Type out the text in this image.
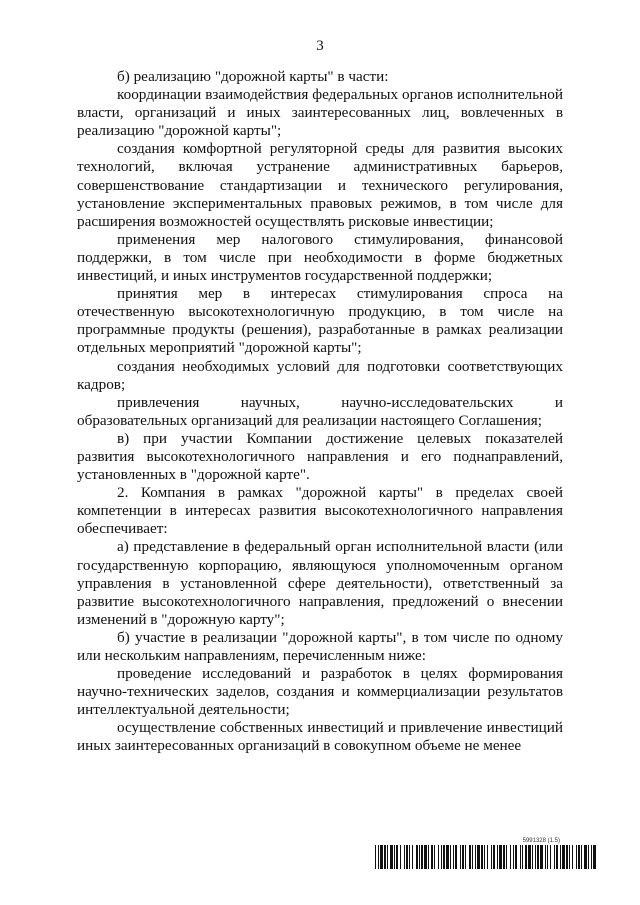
3

б) реализацию "дорожной карты" в части:

координации взаимодействия федеральных органов исполнительной власти, организаций и иных заинтересованных лиц, вовлеченных в реализацию "дорожной карты";

создания комфортной регуляторной среды для развития высоких технологий, включая устранение административных барьеров, совершенствование стандартизации и технического регулирования, установление экспериментальных правовых режимов, в том числе для расширения возможностей осуществлять рисковые инвестиции;

применения мер налогового стимулирования, финансовой поддержки, в том числе при необходимости в форме бюджетных инвестиций, и иных инструментов государственной поддержки;

принятия мер в интересах стимулирования спроса на отечественную высокотехнологичную продукцию, в том числе на программные продукты (решения), разработанные в рамках реализации отдельных мероприятий "дорожной карты";

создания необходимых условий для подготовки соответствующих кадров;

привлечения научных, научно-исследовательских и образовательных организаций для реализации настоящего Соглашения;

в) при участии Компании достижение целевых показателей развития высокотехнологичного направления и его поднаправлений, установленных в "дорожной карте".

2. Компания в рамках "дорожной карты" в пределах своей компетенции в интересах развития высокотехнологичного направления обеспечивает:

а) представление в федеральный орган исполнительной власти (или государственную корпорацию, являющуюся уполномоченным органом управления в установленной сфере деятельности), ответственный за развитие высокотехнологичного направления, предложений о внесении изменений в "дорожную карту";

б) участие в реализации "дорожной карты", в том числе по одному или нескольким направлениям, перечисленным ниже:

проведение исследований и разработок в целях формирования научно-технических заделов, создания и коммерциализации результатов интеллектуальной деятельности;

осуществление собственных инвестиций и привлечение инвестиций иных заинтересованных организаций в совокупном объеме не менее

5991328 (1.5)
